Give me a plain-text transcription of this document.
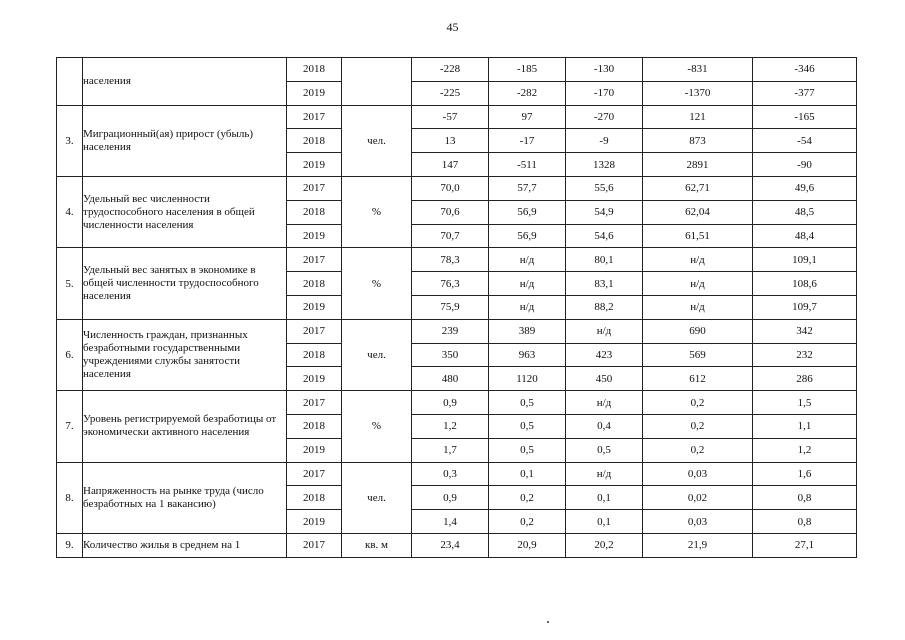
45
	населения	2018		-228	-185	-130	-831	-346
		2019		-225	-282	-170	-1370	-377
3.	Миграционный(ая) прирост (убыль) населения	2017	чел.	-57	97	-270	121	-165
		2018		13	-17	-9	873	-54
		2019		147	-511	1328	2891	-90
4.	Удельный вес численности трудоспособного населения в общей численности населения	2017	%	70,0	57,7	55,6	62,71	49,6
		2018		70,6	56,9	54,9	62,04	48,5
		2019		70,7	56,9	54,6	61,51	48,4
5.	Удельный вес занятых в экономике в общей численности трудоспособного населения	2017	%	78,3	н/д	80,1	н/д	109,1
		2018		76,3	н/д	83,1	н/д	108,6
		2019		75,9	н/д	88,2	н/д	109,7
6.	Численность граждан, признанных безработными государственными учреждениями службы занятости населения	2017	чел.	239	389	н/д	690	342
		2018		350	963	423	569	232
		2019		480	1120	450	612	286
7.	Уровень регистрируемой безработицы от экономически активного населения	2017	%	0,9	0,5	н/д	0,2	1,5
		2018		1,2	0,5	0,4	0,2	1,1
		2019		1,7	0,5	0,5	0,2	1,2
8.	Напряженность на рынке труда (число безработных на 1 вакансию)	2017	чел.	0,3	0,1	н/д	0,03	1,6
		2018		0,9	0,2	0,1	0,02	0,8
		2019		1,4	0,2	0,1	0,03	0,8
9.	Количество жилья в среднем на 1	2017	кв. м	23,4	20,9	20,2	21,9	27,1
